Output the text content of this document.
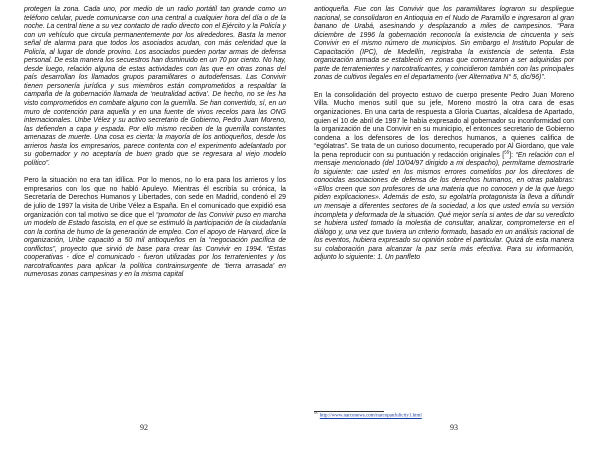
protegen la zona. Cada uno, por medio de un radio portátil tan grande como un teléfono celular, puede comunicarse con una central a cualquier hora del día o de la noche. La central tiene a su vez contacto de radio directo con el Ejército y la Policía y con un vehículo que circula permanentemente por los alrededores. Basta la menor señal de alarma para que todos los asociados acudan, con más celeridad que la Policía, al lugar de donde provino. Los asociados pueden portar armas de defensa personal. De esta manera los secuestros han disminuido en un 70 por ciento. No hay, desde luego, relación alguna de estas actividades con las que en otras zonas del país desarrollan los llamados grupos paramilitares o autodefensas. Las Convivir tienen personería jurídica y sus miembros están comprometidos a respaldar la campaña de la gobernación llamada de ‘neutralidad activa’. De hecho, no se les ha visto comprometidos en combate alguno con la guerrilla. Se han convertido, sí, en un muro de contención para aquella y en una fuente de vivos recelos para las ONG internacionales. Uribe Vélez y su activo secretario de Gobierno, Pedro Juan Moreno, las defienden a capa y espada. Por ello mismo reciben de la guerrilla constantes amenazas de muerte. Una cosa es cierta: la mayoría de los antioqueños, desde los arrieros hasta los empresarios, parece contenta con el experimento adelantado por su gobernador y no aceptaría de buen grado que se regresara al viejo modelo político”.

Pero la situación no era tan idílica. Por lo menos, no lo era para los arrieros y los empresarios con los que no habló Apuleyo. Mientras él escribía su crónica, la Secretaría de Derechos Humanos y Libertades, con sede en Madrid, condenó el 29 de julio de 1997 la visita de Uribe Vélez a España. En el comunicado que expidió esa organización con tal motivo se dice que el “promotor de las Convivir puso en marcha un modelo de Estado fascista, en el que se estimuló la participación de la ciudadanía con la cortina de humo de la generación de empleo. Con el apoyo de Harvard, dice la organización, Uribe capacitó a 50 mil antioqueños en la “negociación pacífica de conflictos”, proyecto que sirvió de base para crear las Convivir en 1994. “Estas cooperativas - dice el comunicado - fueron utilizadas por los terratenientes y los narcotraficantes para aplicar la política contrainsurgente de ‘tierra arrasada’ en numerosas zonas campesinas y en la misma capital

92

antioqueña. Fue con las Convivir que los paramilitares lograron su despliegue nacional, se consolidaron en Antioquia en el Nudo de Paramillo e ingresaron al gran banano de Urabá, asesinando y desplazando a miles de campesinos. “Para diciembre de 1996 la gobernación reconocía la existencia de cincuenta y seis Convivir en el mismo número de municipios. Sin embargo el Instituto Popular de Capacitación (IPC), de Medellín, registraba la existencia de setenta. Esta organización armada se estableció en zonas que comenzaron a ser adquiridas por parte de terratenientes y narcotraficantes, y coincidieron también con las principales zonas de cultivos ilegales en el departamento (ver Alternativa N° 5, dic/96)”.

En la consolidación del proyecto estuvo de cuerpo presente Pedro Juan Moreno Villa. Mucho menos sutil que su jefe, Moreno mostró la otra cara de esas organizaciones. En una carta de respuesta a Gloria Cuartas, alcaldesa de Apartado, quien el 10 de abril de 1997 le había expresado al gobernador su inconformidad con la organización de una Convivir en su municipio, el entonces secretario de Gobierno condena a los defensores de los derechos humanos, a quienes califica de “ególatras”. Se trata de un curioso documento, recuperado por Al Giordano, que vale la pena reproducir con su puntuación y redacción originales [$^{55}$]: “En relación con el mensaje mencionado (del 10/04/97 dirigido a mi despacho), permítame demostrarle lo siguiente: cae usted en los mismos errores cometidos por los directores de conocidas asociaciones de defensa de los derechos humanos, en otras palabras: «Ellos creen que son profesores de una materia que no conocen y de la que luego piden explicaciones». Además de esto, su egolatría protagonista la lleva a difundir un mensaje a diferentes sectores de la sociedad, a los que usted envía su versión incompleta y deformada de la situación. Qué mejor sería si antes de dar su veredicto se hubiera usted tomado la molestia de consultar, analizar, comprometerse en el diálogo y, una vez que tuviera un criterio formado, basado en un análisis racional de los eventos, hubiera expresado su opinión sobre el particular. Quizá de esta manera su colaboración para alcanzar la paz sería más efectiva. Para su información, adjunto lo siguiente: 1. Un panfleto

$^{55}$ http://www.narconews.com/narcopanfulicity1.html
93
